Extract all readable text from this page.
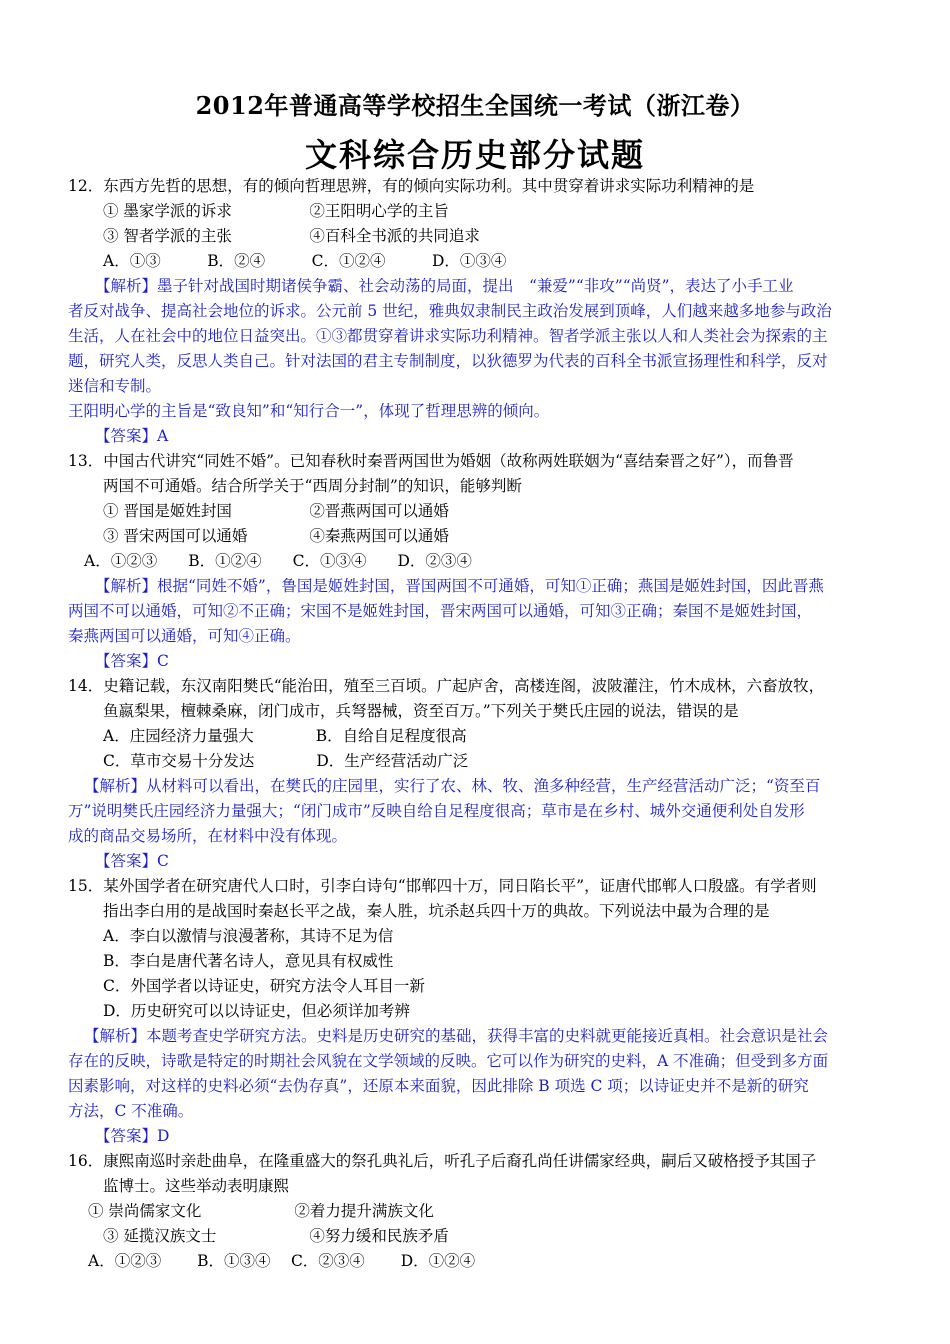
2012年普通高等学校招生全国统一考试（浙江卷）
文科综合历史部分试题
12．东西方先哲的思想，有的倾向哲理思辨，有的倾向实际功利。其中贯穿着讲求实际功利精神的是
① 墨家学派的诉求　　　　　②王阳明心学的主旨
③ 智者学派的主张　　　　　④百科全书派的共同追求
A．①③　　　B．②④　　　C．①②④　　　D．①③④
【解析】墨子针对战国时期诸侯争霸、社会动荡的局面，提出　“兼爱”“非攻”“尚贤”，表达了小手工业
者反对战争、提高社会地位的诉求。公元前 5 世纪，雅典奴隶制民主政治发展到顶峰，人们越来越多地参与政治
生活，人在社会中的地位日益突出。①③都贯穿着讲求实际功利精神。智者学派主张以人和人类社会为探索的主
题，研究人类，反思人类自己。针对法国的君主专制制度，以狄德罗为代表的百科全书派宣扬理性和科学，反对
迷信和专制。
王阳明心学的主旨是“致良知”和“知行合一”，体现了哲理思辨的倾向。
【答案】A
13．中国古代讲究“同姓不婚”。已知春秋时秦晋两国世为婚姻（故称两姓联姻为“喜结秦晋之好”），而鲁晋
两国不可通婚。结合所学关于“西周分封制”的知识，能够判断
① 晋国是姬姓封国　　　　　②晋燕两国可以通婚
③ 晋宋两国可以通婚　　　　④秦燕两国可以通婚
A．①②③　　B．①②④　　C．①③④　　D．②③④
【解析】根据“同姓不婚”，鲁国是姬姓封国，晋国两国不可通婚，可知①正确；燕国是姬姓封国，因此晋燕
两国不可以通婚，可知②不正确；宋国不是姬姓封国，晋宋两国可以通婚，可知③正确；秦国不是姬姓封国，
秦燕两国可以通婚，可知④正确。
【答案】C
14．史籍记载，东汉南阳樊氏“能治田，殖至三百顷。广起庐舍，高楼连阁，波陂灌注，竹木成林，六畜放牧，
鱼嬴梨果，檀棘桑麻，闭门成市，兵弩器械，资至百万。”下列关于樊氏庄园的说法，错误的是
A．庄园经济力量强大　　　　B．自给自足程度很高
C．草市交易十分发达　　　　D．生产经营活动广泛
【解析】从材料可以看出，在樊氏的庄园里，实行了农、林、牧、渔多种经营，生产经营活动广泛；“资至百
万”说明樊氏庄园经济力量强大；“闭门成市”反映自给自足程度很高；草市是在乡村、城外交通便利处自发形
成的商品交易场所，在材料中没有体现。
【答案】C
15．某外国学者在研究唐代人口时，引李白诗句“邯郸四十万，同日陷长平”，证唐代邯郸人口殷盛。有学者则
指出李白用的是战国时秦赵长平之战，秦人胜，坑杀赵兵四十万的典故。下列说法中最为合理的是
A．李白以激情与浪漫著称，其诗不足为信
B．李白是唐代著名诗人，意见具有权威性
C．外国学者以诗证史，研究方法令人耳目一新
D．历史研究可以以诗证史，但必须详加考辨
【解析】本题考查史学研究方法。史料是历史研究的基础，获得丰富的史料就更能接近真相。社会意识是社会
存在的反映，诗歌是特定的时期社会风貌在文学领域的反映。它可以作为研究的史料，A 不准确；但受到多方面
因素影响，对这样的史料必须“去伪存真”，还原本来面貌，因此排除 B 项选 C 项；以诗证史并不是新的研究
方法，C 不准确。
【答案】D
16．康熙南巡时亲赴曲阜，在隆重盛大的祭孔典礼后，听孔子后裔孔尚任讲儒家经典，嗣后又破格授予其国子
监博士。这些举动表明康熙
① 崇尚儒家文化　　　　　　②着力提升满族文化
③ 延揽汉族文士　　　　　　④努力缓和民族矛盾
A．①②③　　 B．①③④　 C．②③④　　 D．①②④
